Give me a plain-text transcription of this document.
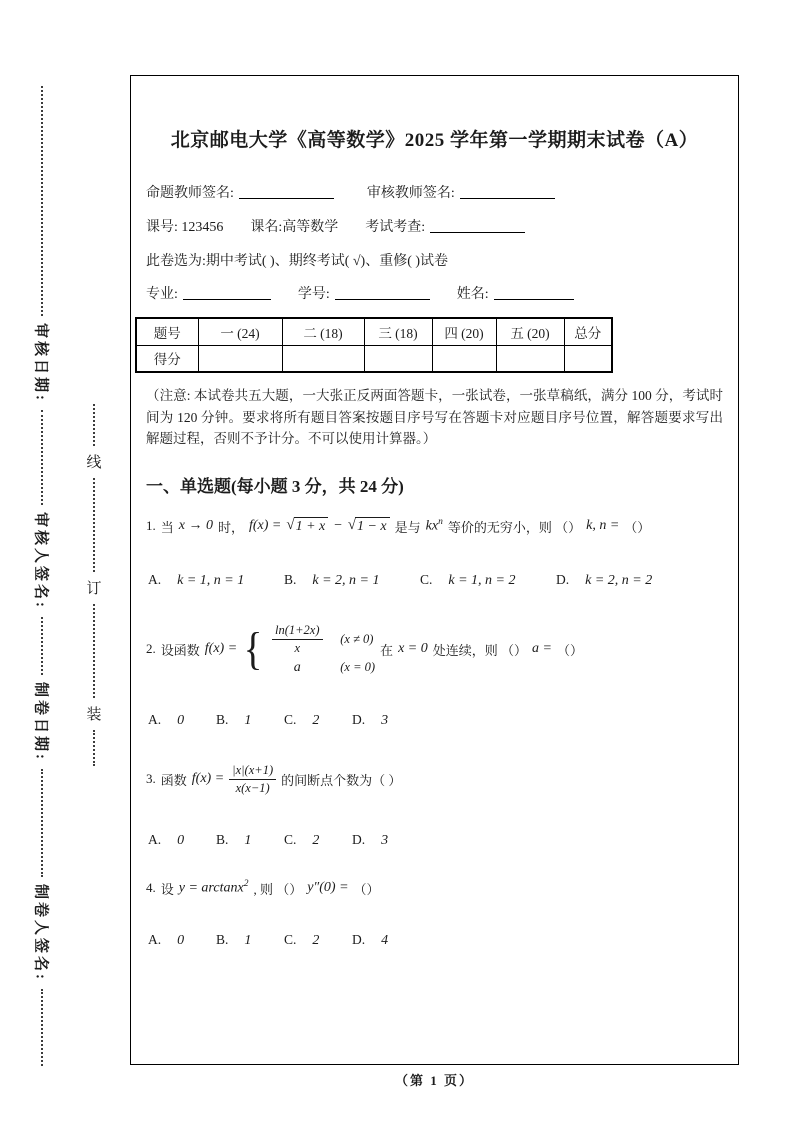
审核日期:
审核人签名:
制卷日期:
制卷人签名:
线
订
装
北京邮电大学《高等数学》2025 学年第一学期期末试卷（A）
命题教师签名:	审核教师签名:
课号: 123456 课名:高等数学 考试考查:
此卷选为:期中考试( )、期终考试( √)、重修( )试卷
专业:	学号:	姓名:
题号	一 (24)	二 (18)	三 (18)	四 (20)	五 (20)	总分
得分						

（注意: 本试卷共五大题，一大张正反两面答题卡，一张试卷，一张草稿纸，满分 100 分，考试时间为 120 分钟。要求将所有题目答案按题目序号写在答题卡对应题目序号位置，解答题要求写出解题过程，否则不予计分。不可以使用计算器。）

一、单选题(每小题 3 分，共 24 分)
1. 当 x → 0 时， f(x) = √ 1 + x − √ 1 − x 是与 $kx^n$ 等价的无穷小，则 （） k, n = （）
A. k = 1, n = 1	B. k = 2, n = 1	C. k = 1, n = 2	D. k = 2, n = 2
2. 设函数 f(x) = { $\frac{\ln(1+2x)}{x} (x \ne 0)$
a	(x = 0)
在 x = 0 处连续，则 （） a = （）
A. 0 B. 1 C. 2 D. 3
3. 函数 $f(x) = \frac{|x|(x+1)}{x(x-1)}$ 的间断点个数为（ ）
A. 0 B. 1 C. 2 D. 3
4. 设 y = arctanx$^2$ , 则 （） y″(0) = （）
A. 0 B. 1 C. 2 D. 4
（第 1 页）
